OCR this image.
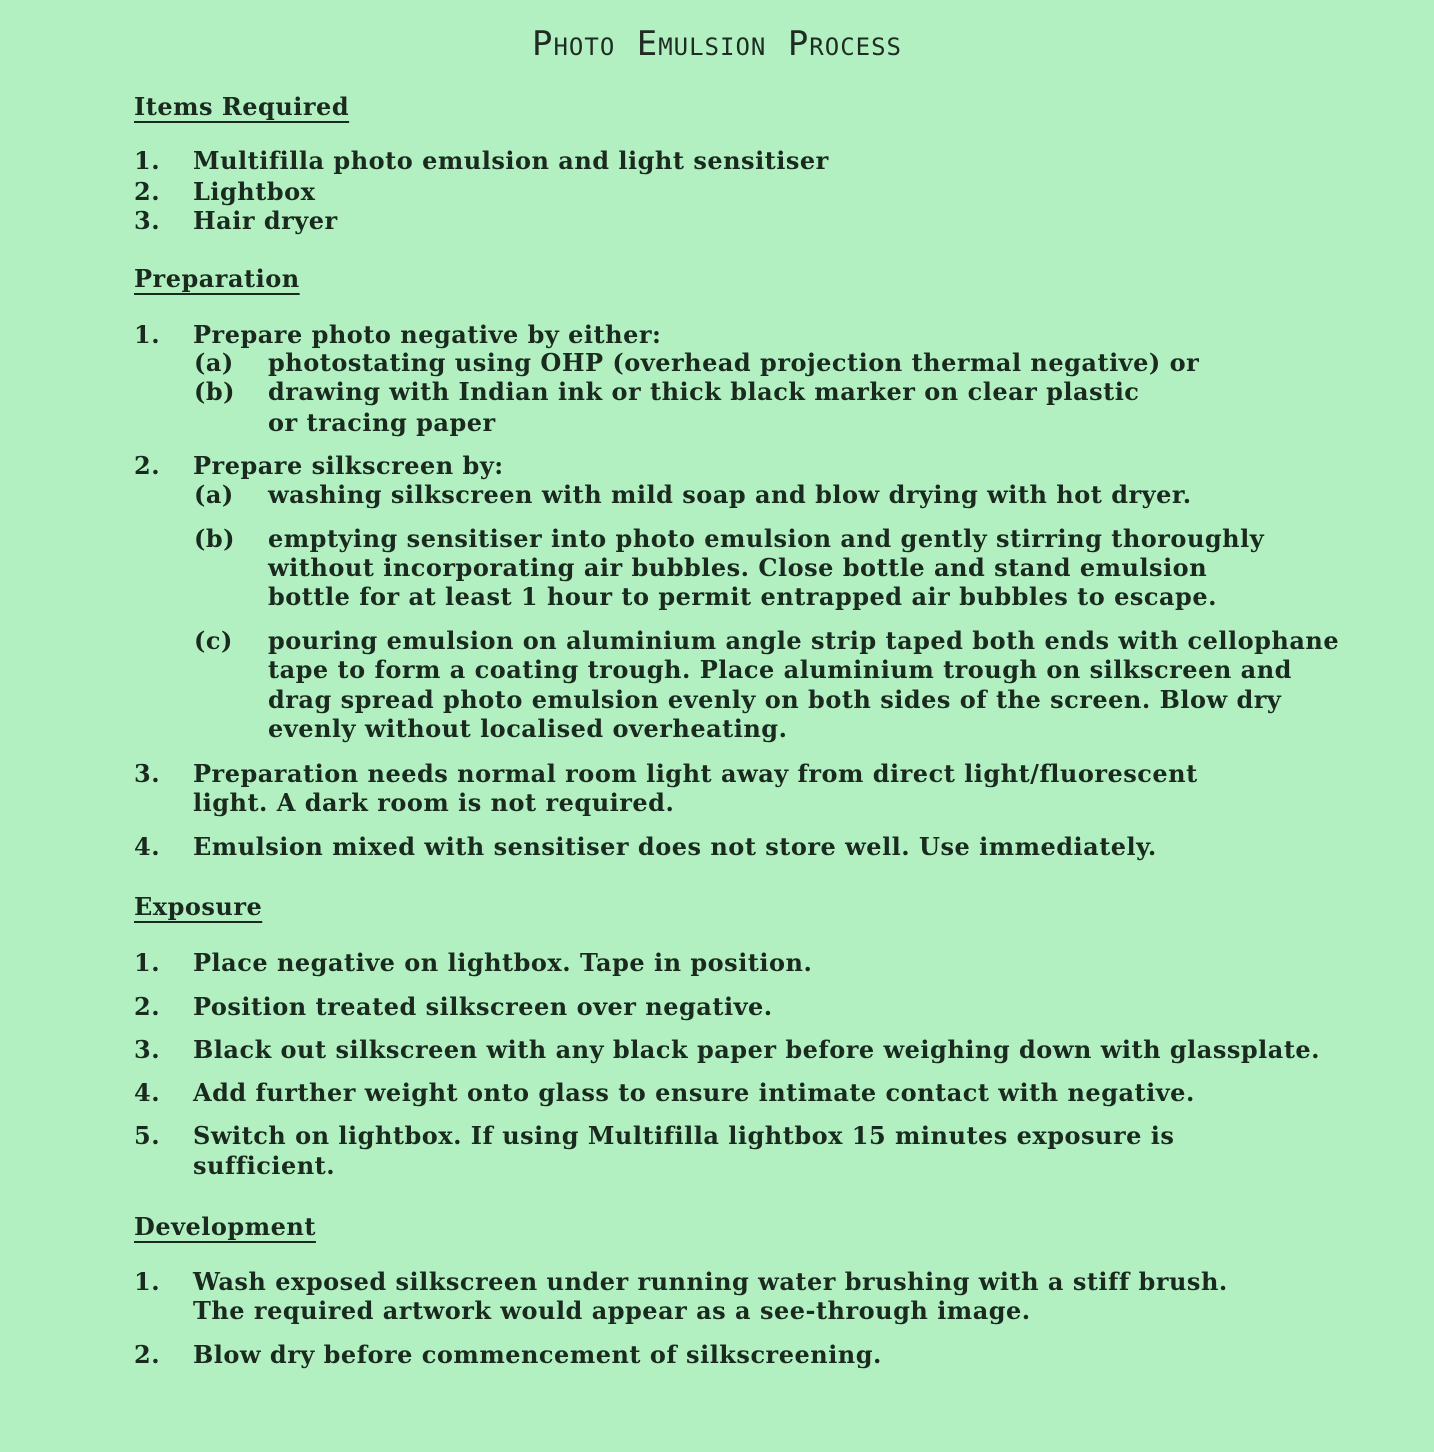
Photo Emulsion Process
Items Required
1. Multifilla photo emulsion and light sensitiser
2. Lightbox
3. Hair dryer
Preparation
1. Prepare photo negative by either:
(a) photostating using OHP (overhead projection thermal negative) or
(b) drawing with Indian ink or thick black marker on clear plastic
or tracing paper
2. Prepare silkscreen by:
(a) washing silkscreen with mild soap and blow drying with hot dryer.
(b) emptying sensitiser into photo emulsion and gently stirring thoroughly
without incorporating air bubbles. Close bottle and stand emulsion
bottle for at least 1 hour to permit entrapped air bubbles to escape.
(c) pouring emulsion on aluminium angle strip taped both ends with cellophane
tape to form a coating trough. Place aluminium trough on silkscreen and
drag spread photo emulsion evenly on both sides of the screen. Blow dry
evenly without localised overheating.
3. Preparation needs normal room light away from direct light/fluorescent
light. A dark room is not required.
4. Emulsion mixed with sensitiser does not store well. Use immediately.
Exposure
1. Place negative on lightbox. Tape in position.
2. Position treated silkscreen over negative.
3. Black out silkscreen with any black paper before weighing down with glassplate.
4. Add further weight onto glass to ensure intimate contact with negative.
5. Switch on lightbox. If using Multifilla lightbox 15 minutes exposure is
sufficient.
Development
1. Wash exposed silkscreen under running water brushing with a stiff brush.
The required artwork would appear as a see-through image.
2. Blow dry before commencement of silkscreening.
